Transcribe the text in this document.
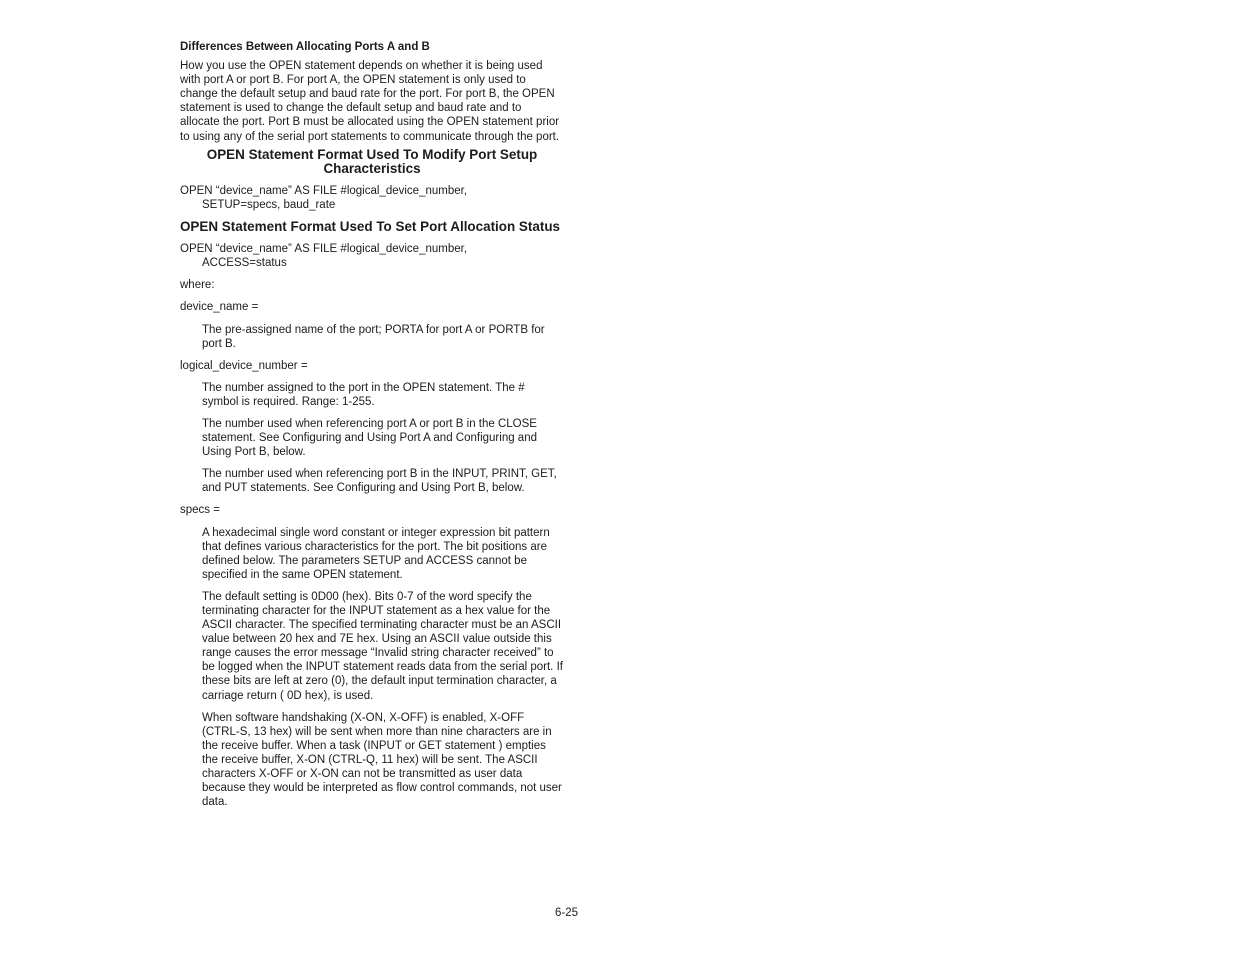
Differences Between Allocating Ports A and B

How you use the OPEN statement depends on whether it is being used with port A or port B. For port A, the OPEN statement is only used to change the default setup and baud rate for the port. For port B, the OPEN statement is used to change the default setup and baud rate and to allocate the port. Port B must be allocated using the OPEN statement prior to using any of the serial port statements to communicate through the port.

OPEN Statement Format Used To Modify Port Setup
Characteristics

OPEN “device_name” AS FILE #logical_device_number,
SETUP=specs, baud_rate

OPEN Statement Format Used To Set Port Allocation Status

OPEN “device_name” AS FILE #logical_device_number,
ACCESS=status

where:

device_name =

The pre-assigned name of the port; PORTA for port A or PORTB for port B.

logical_device_number =

The number assigned to the port in the OPEN statement. The # symbol is required. Range: 1-255.

The number used when referencing port A or port B in the CLOSE statement. See Configuring and Using Port A and Configuring and Using Port B, below.

The number used when referencing port B in the INPUT, PRINT, GET, and PUT statements. See Configuring and Using Port B, below.

specs =

A hexadecimal single word constant or integer expression bit pattern that defines various characteristics for the port. The bit positions are defined below. The parameters SETUP and ACCESS cannot be specified in the same OPEN statement.

The default setting is 0D00 (hex). Bits 0-7 of the word specify the terminating character for the INPUT statement as a hex value for the ASCII character. The specified terminating character must be an ASCII value between 20 hex and 7E hex. Using an ASCII value outside this range causes the error message “Invalid string character received” to be logged when the INPUT statement reads data from the serial port. If these bits are left at zero (0), the default input termination character, a carriage return ( 0D hex), is used.

When software handshaking (X-ON, X-OFF) is enabled, X-OFF (CTRL-S, 13 hex) will be sent when more than nine characters are in the receive buffer. When a task (INPUT or GET statement ) empties the receive buffer, X-ON (CTRL-Q, 11 hex) will be sent. The ASCII characters X-OFF or X-ON can not be transmitted as user data because they would be interpreted as flow control commands, not user data.

6-25
